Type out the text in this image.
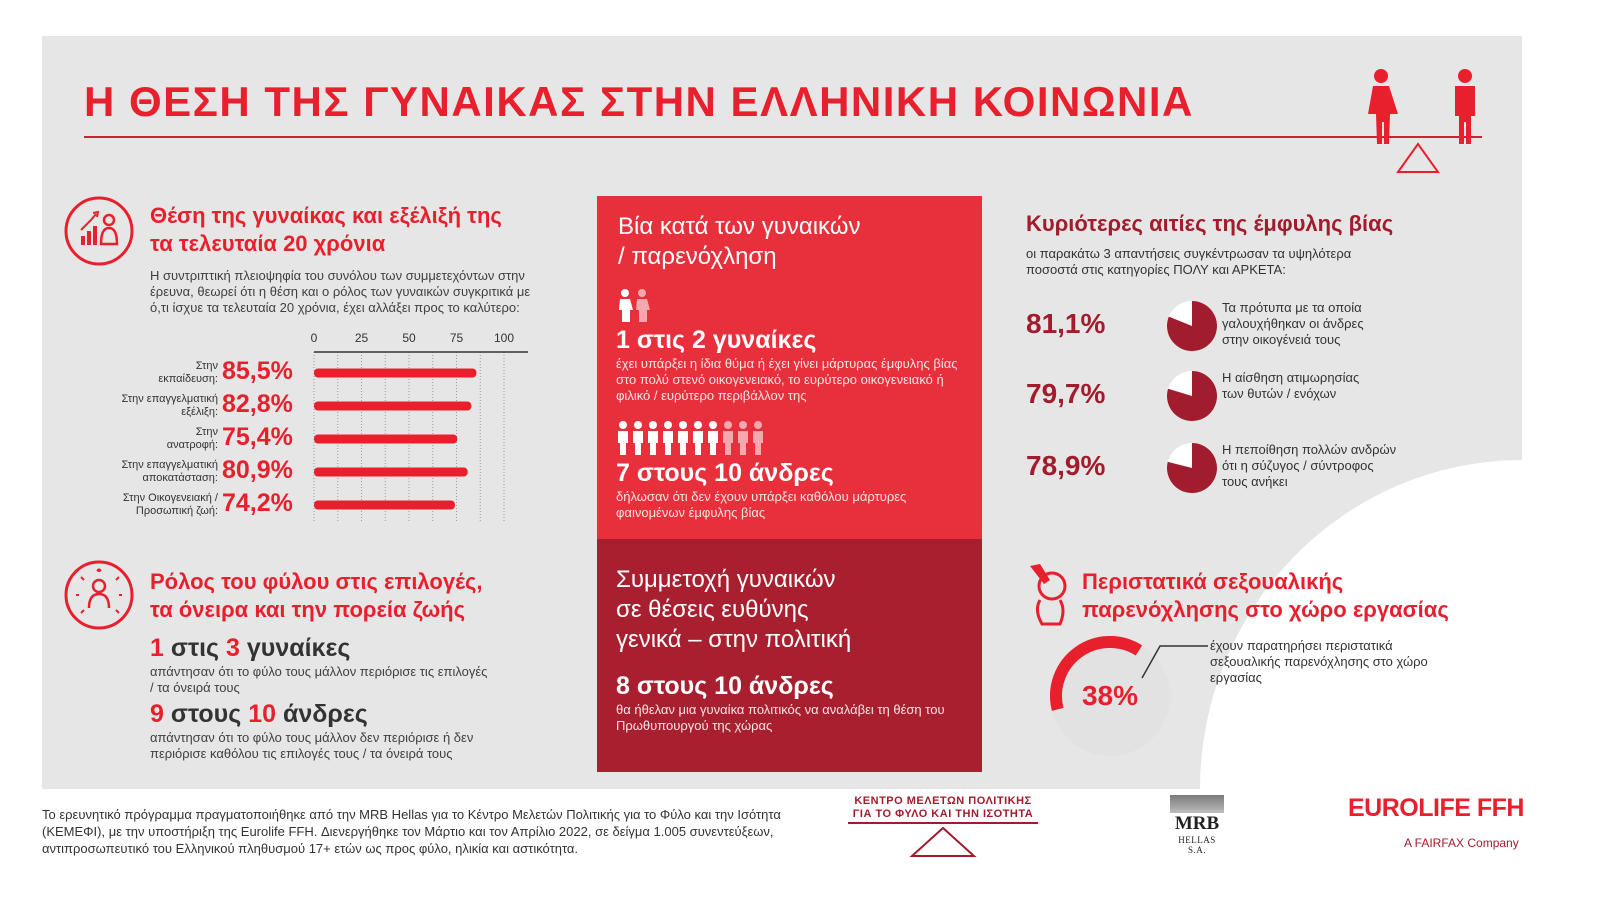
Η ΘΕΣΗ ΤΗΣ ΓΥΝΑΙΚΑΣ ΣΤΗΝ ΕΛΛΗΝΙΚΗ ΚΟΙΝΩΝΙΑ
Θέση της γυναίκας και εξέλιξή της
τα τελευταία 20 χρόνια
Η συντριπτική πλειοψηφία του συνόλου των συμμετεχόντων στην έρευνα, θεωρεί ότι η θέση και ο ρόλος των γυναικών συγκριτικά με ό,τι ίσχυε τα τελευταία 20 χρόνια, έχει αλλάξει προς το καλύτερο:
0	25	50	75	100
Στην
εκπαίδευση: 85,5%
Στην επαγγελματική
εξέλιξη: 82,8%
Στην
ανατροφή: 75,4%
Στην επαγγελματική
αποκατάσταση: 80,9%
Στην Οικογενειακή /
Προσωπική ζωή: 74,2%
Ρόλος του φύλου στις επιλογές,
τα όνειρα και την πορεία ζωής
1 στις 3 γυναίκες
απάντησαν ότι το φύλο τους μάλλον περιόρισε τις επιλογές / τα όνειρά τους
9 στους 10 άνδρες
απάντησαν ότι το φύλο τους μάλλον δεν περιόρισε ή δεν περιόρισε καθόλου τις επιλογές τους / τα όνειρά τους
Βία κατά των γυναικών
/ παρενόχληση
1 στις 2 γυναίκες
έχει υπάρξει η ίδια θύμα ή έχει γίνει μάρτυρας έμφυλης βίας στο πολύ στενό οικογενειακό, το ευρύτερο οικογενειακό ή φιλικό / ευρύτερο περιβάλλον της
7 στους 10 άνδρες
δήλωσαν ότι δεν έχουν υπάρξει καθόλου μάρτυρες φαινομένων έμφυλης βίας
Συμμετοχή γυναικών
σε θέσεις ευθύνης
γενικά – στην πολιτική
8 στους 10 άνδρες
θα ήθελαν μια γυναίκα πολιτικός να αναλάβει τη θέση του Πρωθυπουργού της χώρας
Κυριότερες αιτίες της έμφυλης βίας
οι παρακάτω 3 απαντήσεις συγκέντρωσαν τα υψηλότερα ποσοστά στις κατηγορίες ΠΟΛΥ και ΑΡΚΕΤΑ:
81,1%
Τα πρότυπα με τα οποία
γαλουχήθηκαν οι άνδρες
στην οικογένειά τους
79,7%
Η αίσθηση ατιμωρησίας
των θυτών / ενόχων
78,9%
Η πεποίθηση πολλών ανδρών
ότι η σύζυγος / σύντροφος
τους ανήκει
Περιστατικά σεξουαλικής
παρενόχλησης στο χώρο εργασίας
38%
έχουν παρατηρήσει περιστατικά σεξουαλικής παρενόχλησης στο χώρο εργασίας
Το ερευνητικό πρόγραμμα πραγματοποιήθηκε από την MRB Hellas για το Κέντρο Μελετών Πολιτικής για το Φύλο και την Ισότητα (ΚΕΜΕΦΙ), με την υποστήριξη της Eurolife FFH. Διενεργήθηκε τον Μάρτιο και τον Απρίλιο 2022, σε δείγμα 1.005 συνεντεύξεων, αντιπροσωπευτικό του Ελληνικού πληθυσμού 17+ ετών ως προς φύλο, ηλικία και αστικότητα.
ΚΕΝΤΡΟ ΜΕΛΕΤΩΝ ΠΟΛΙΤΙΚΗΣ
ΓΙΑ ΤΟ ΦΥΛΟ ΚΑΙ ΤΗΝ ΙΣΟΤΗΤΑ	MRB
HELLAS S.A.
EUROLIFE FFH
A FAIRFAX Company
